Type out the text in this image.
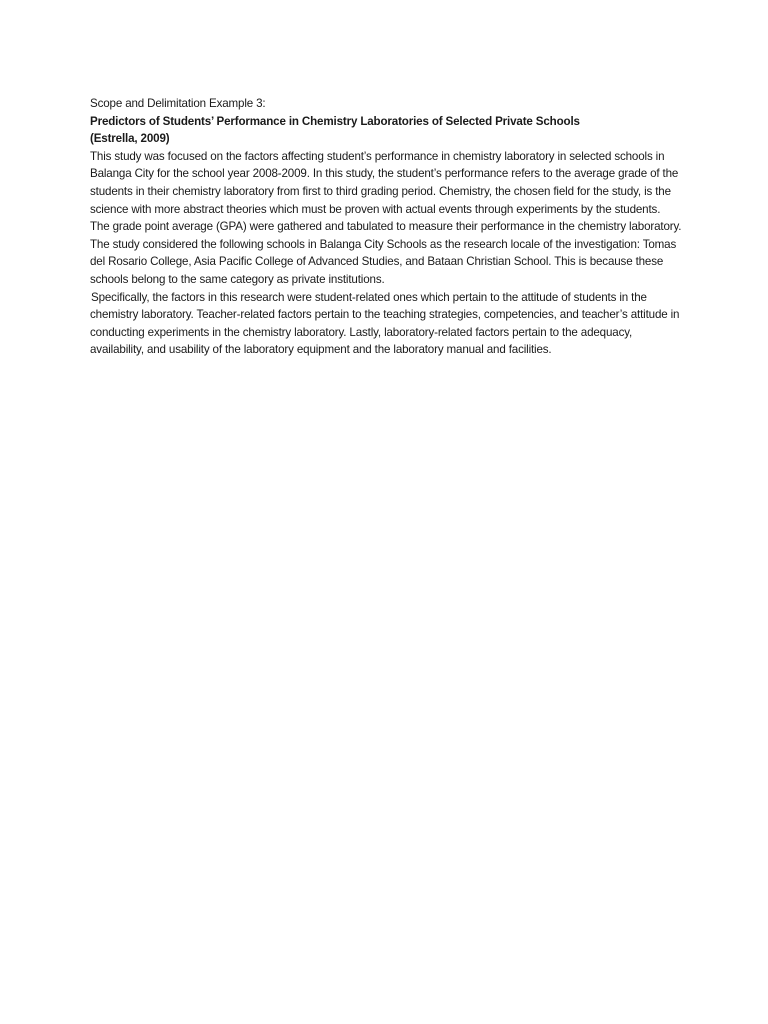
Scope and Delimitation Example 3:

Predictors of Students’ Performance in Chemistry Laboratories of Selected Private Schools

(Estrella, 2009)

This study was focused on the factors affecting student’s performance in chemistry laboratory in selected schools in Balanga City for the school year 2008-2009. In this study, the student’s performance refers to the average grade of the students in their chemistry laboratory from first to third grading period. Chemistry, the chosen field for the study, is the science with more abstract theories which must be proven with actual events through experiments by the students.

The grade point average (GPA) were gathered and tabulated to measure their performance in the chemistry laboratory. The study considered the following schools in Balanga City Schools as the research locale of the investigation: Tomas del Rosario College, Asia Pacific College of Advanced Studies, and Bataan Christian School. This is because these schools belong to the same category as private institutions.

Specifically, the factors in this research were student-related ones which pertain to the attitude of students in the chemistry laboratory. Teacher-related factors pertain to the teaching strategies, competencies, and teacher’s attitude in conducting experiments in the chemistry laboratory. Lastly, laboratory-related factors pertain to the adequacy, availability, and usability of the laboratory equipment and the laboratory manual and facilities.
